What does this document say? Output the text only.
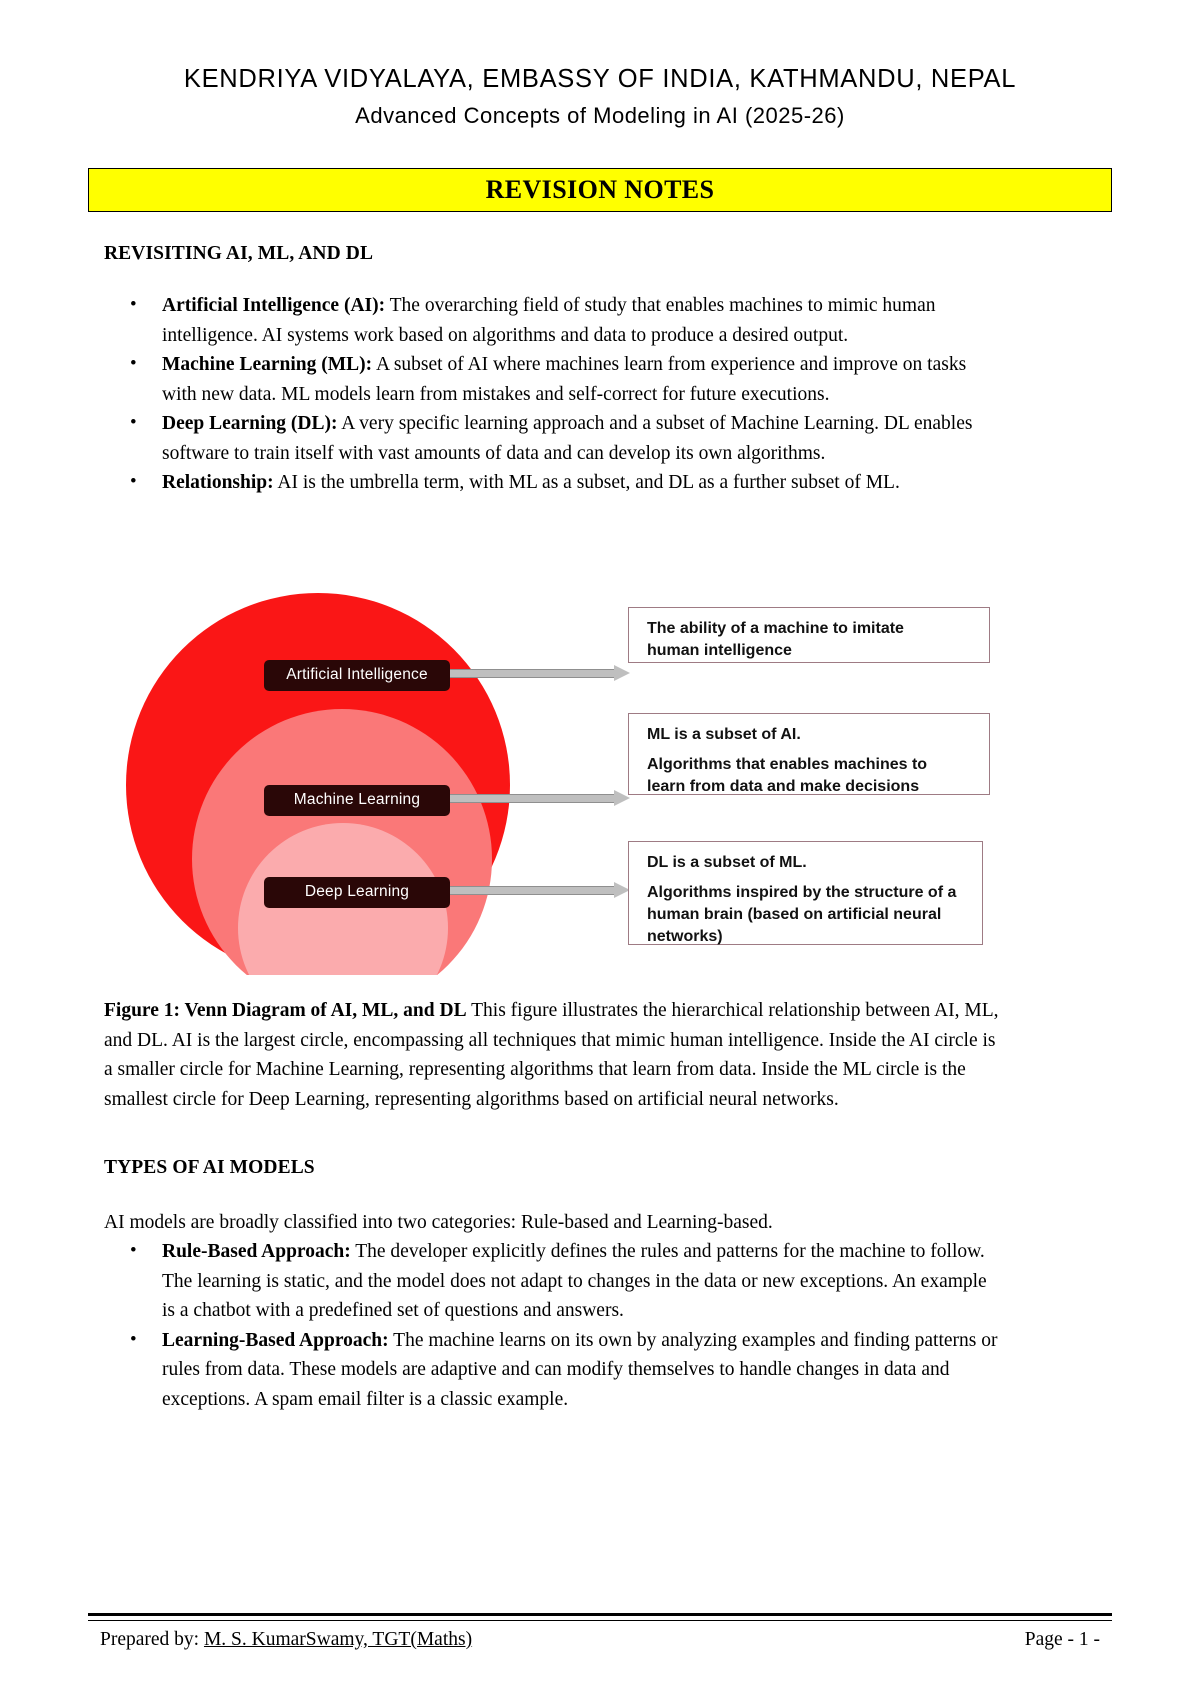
KENDRIYA VIDYALAYA, EMBASSY OF INDIA, KATHMANDU, NEPAL
Advanced Concepts of Modeling in AI (2025-26)
REVISION NOTES
REVISITING AI, ML, AND DL
• Artificial Intelligence (AI): The overarching field of study that enables machines to mimic human intelligence. AI systems work based on algorithms and data to produce a desired output.
• Machine Learning (ML): A subset of AI where machines learn from experience and improve on tasks with new data. ML models learn from mistakes and self-correct for future executions.
• Deep Learning (DL): A very specific learning approach and a subset of Machine Learning. DL enables software to train itself with vast amounts of data and can develop its own algorithms.
• Relationship: AI is the umbrella term, with ML as a subset, and DL as a further subset of ML.
Artificial Intelligence
Machine Learning
Deep Learning

The ability of a machine to imitate

human intelligence

ML is a subset of AI.

Algorithms that enables machines to

learn from data and make decisions

DL is a subset of ML.

Algorithms inspired by the structure of a

human brain (based on artificial neural networks)

Figure 1: Venn Diagram of AI, ML, and DL This figure illustrates the hierarchical relationship between AI, ML, and DL. AI is the largest circle, encompassing all techniques that mimic human intelligence. Inside the AI circle is a smaller circle for Machine Learning, representing algorithms that learn from data. Inside the ML circle is the smallest circle for Deep Learning, representing algorithms based on artificial neural networks.
TYPES OF AI MODELS
AI models are broadly classified into two categories: Rule-based and Learning-based.
• Rule-Based Approach: The developer explicitly defines the rules and patterns for the machine to follow. The learning is static, and the model does not adapt to changes in the data or new exceptions. An example is a chatbot with a predefined set of questions and answers.
• Learning-Based Approach: The machine learns on its own by analyzing examples and finding patterns or rules from data. These models are adaptive and can modify themselves to handle changes in data and exceptions. A spam email filter is a classic example.
Prepared by: M. S. KumarSwamy, TGT(Maths)	Page - 1 -
